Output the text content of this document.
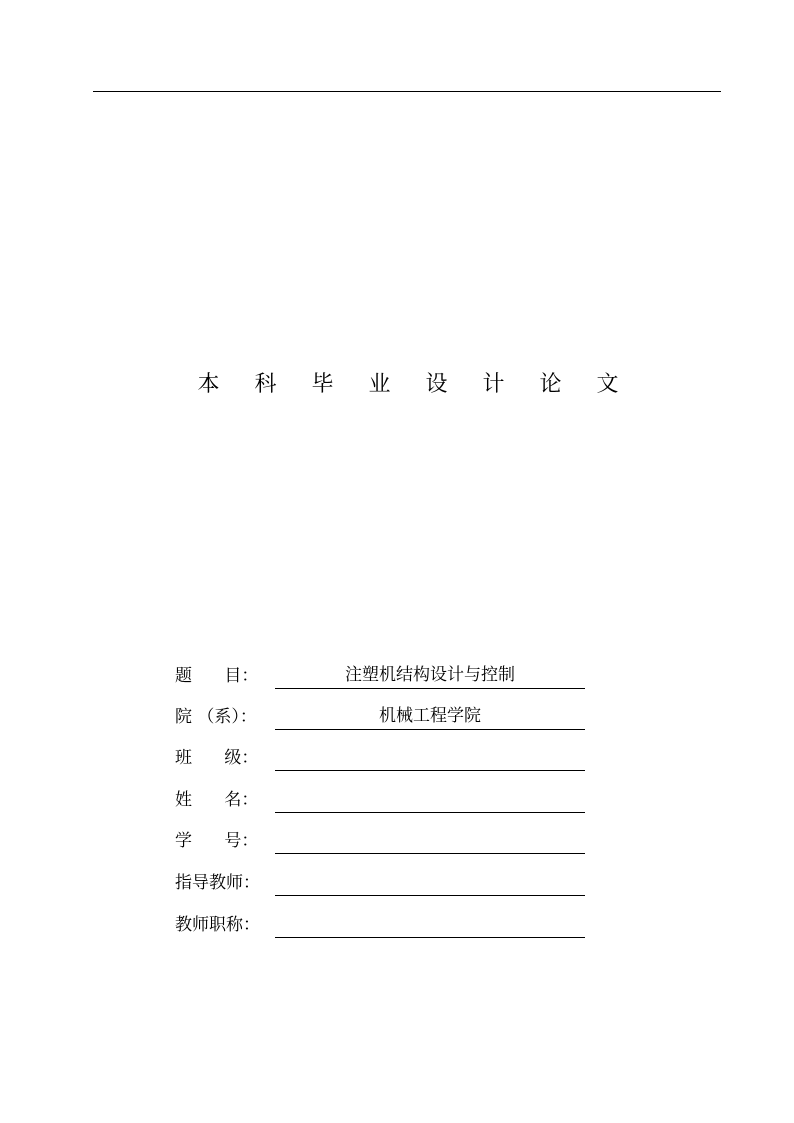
本 科 毕 业 设 计 论 文
题      目：	注塑机结构设计与控制
院 （系）：	机械工程学院
班      级：
姓      名：
学      号：
指导教师：
教师职称：
